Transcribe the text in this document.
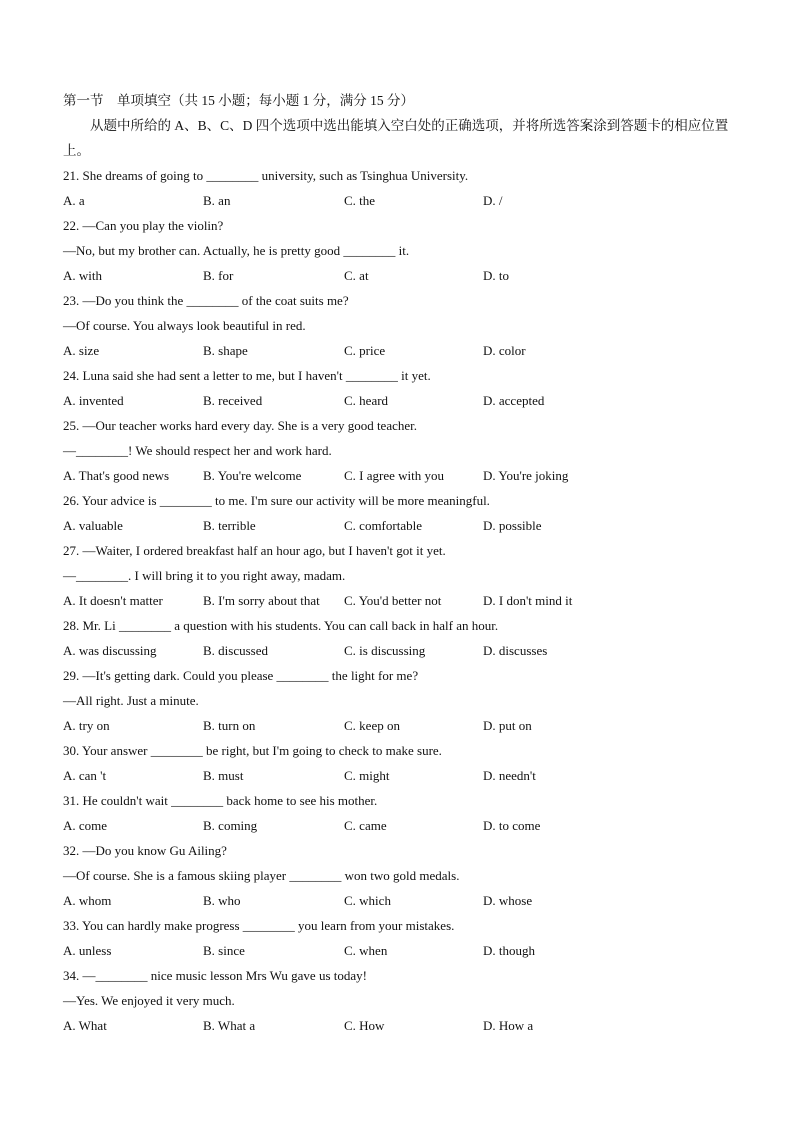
第一节　单项填空（共 15 小题；每小题 1 分，满分 15 分）
从题中所给的 A、B、C、D 四个选项中选出能填入空白处的正确选项，并将所选答案涂到答题卡的相应位置上。
21. She dreams of going to ________ university, such as Tsinghua University.
A. a	B. an	C. the	D. /
22. —Can you play the violin?
—No, but my brother can. Actually, he is pretty good ________ it.
A. with	B. for	C. at	D. to
23. —Do you think the ________ of the coat suits me?
—Of course. You always look beautiful in red.
A. size	B. shape	C. price	D. color
24. Luna said she had sent a letter to me, but I haven't ________ it yet.
A. invented	B. received	C. heard	D. accepted
25. —Our teacher works hard every day. She is a very good teacher.
—________! We should respect her and work hard.
A. That's good news	B. You're welcome	C. I agree with you	D. You're joking
26. Your advice is ________ to me. I'm sure our activity will be more meaningful.
A. valuable	B. terrible	C. comfortable	D. possible
27. —Waiter, I ordered breakfast half an hour ago, but I haven't got it yet.
—________. I will bring it to you right away, madam.
A. It doesn't matter	B. I'm sorry about that C. You'd better not	D. I don't mind it
28. Mr. Li ________ a question with his students. You can call back in half an hour.
A. was discussing	B. discussed	C. is discussing	D. discusses
29. —It's getting dark. Could you please ________ the light for me?
—All right. Just a minute.
A. try on	B. turn on	C. keep on	D. put on
30. Your answer ________ be right, but I'm going to check to make sure.
A. can 't	B. must	C. might	D. needn't
31. He couldn't wait ________ back home to see his mother.
A. come	B. coming	C. came	D. to come
32. —Do you know Gu Ailing?
—Of course. She is a famous skiing player ________ won two gold medals.
A. whom	B. who	C. which	D. whose
33. You can hardly make progress ________ you learn from your mistakes.
A. unless	B. since	C. when	D. though
34. —________ nice music lesson Mrs Wu gave us today!
—Yes. We enjoyed it very much.
A. What	B. What a	C. How	D. How a
